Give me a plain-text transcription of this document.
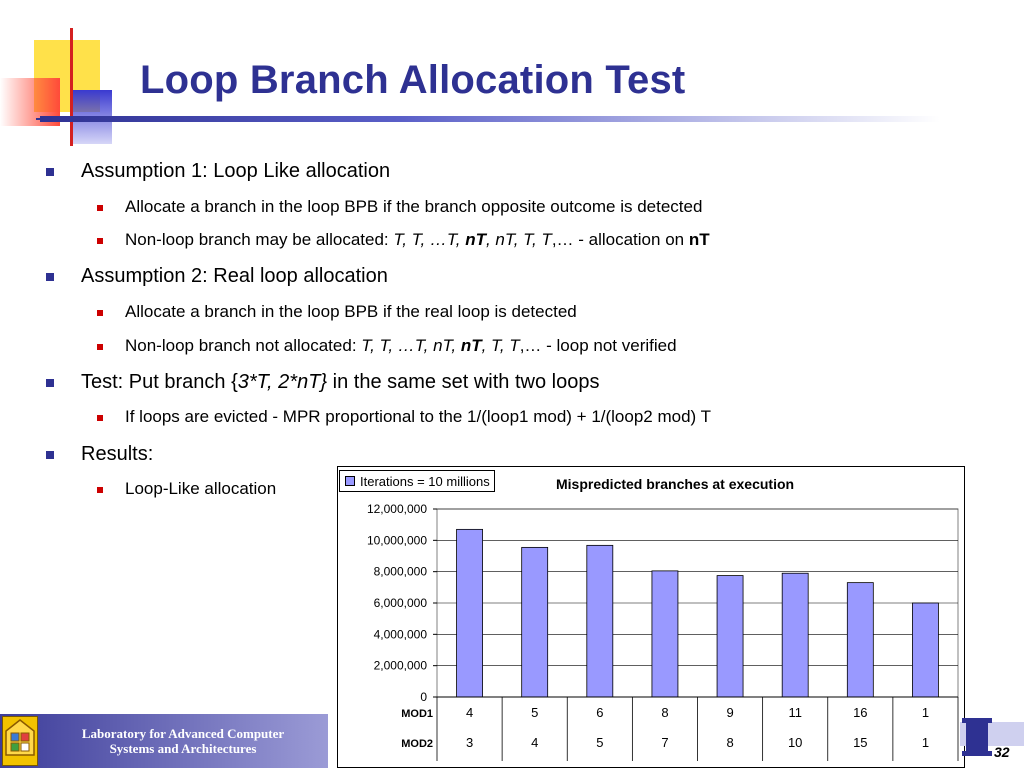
Loop Branch Allocation Test
Assumption 1: Loop Like allocation
Allocate a branch in the loop BPB if the branch opposite outcome is detected
Non-loop branch may be allocated: T, T, …T, nT, nT, T, T,… - allocation on nT
Assumption 2: Real loop allocation
Allocate a branch in the loop BPB if the real loop is detected
Non-loop branch not allocated: T, T, …T, nT, nT, T, T,… - loop not verified
Test: Put branch {3*T, 2*nT} in the same set with two loops
If loops are evicted - MPR proportional to the 1/(loop1 mod) + 1/(loop2 mod) T
Results:
Loop-Like allocation
0
2,000,000
4,000,000
6,000,000
8,000,000
10,000,000
12,000,000
MOD1	4	5	6	8	9	11	16	1
MOD2	3	4	5	7	8	10	15	1
Iterations = 10 millions	Mispredicted branches at execution
Laboratory for Advanced Computer
Systems and Architectures	32
